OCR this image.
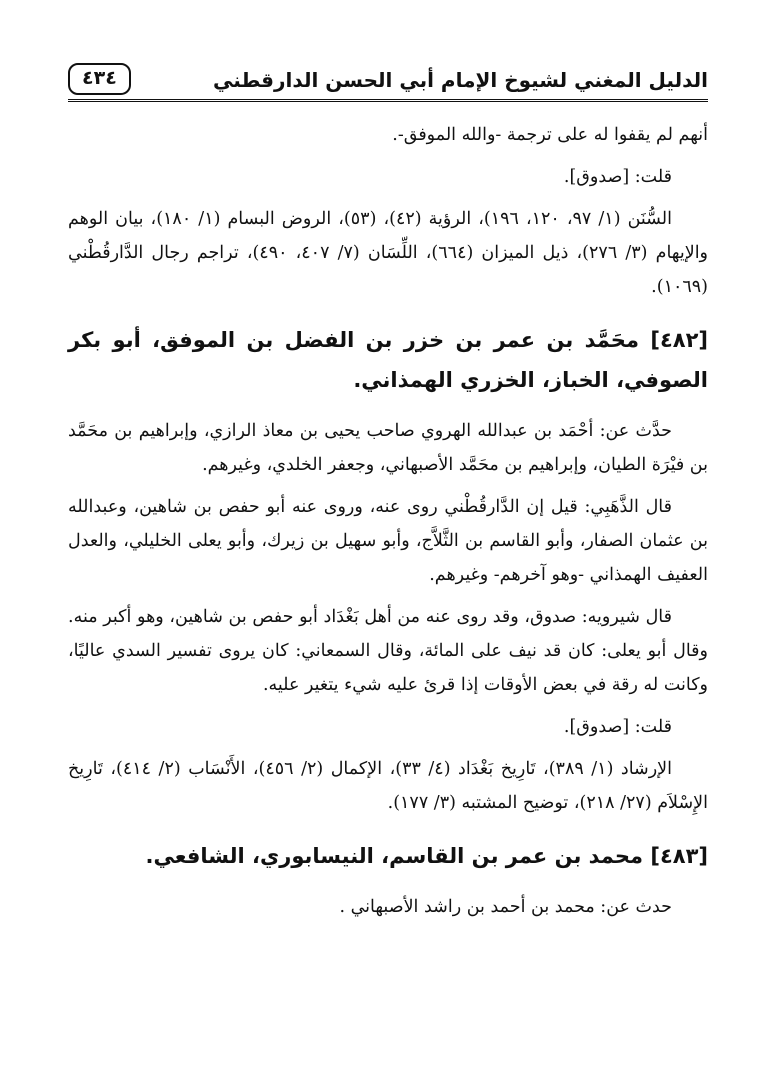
الدليل المغني لشيوخ الإمام أبي الحسن الدارقطني
٤٣٤

أنهم لم يقفوا له على ترجمة -والله الموفق-.

قلت: [صدوق].

السُّنَن (١/ ٩٧، ١٢٠، ١٩٦)، الرؤية (٤٢)، (٥٣)، الروض البسام (١/ ١٨٠)، بيان الوهم والإيهام (٣/ ٢٧٦)، ذيل الميزان (٦٦٤)، اللِّسَان (٧/ ٤٠٧، ٤٩٠)، تراجم رجال الدَّارقُطْني (١٠٦٩).

[٤٨٢] محَمَّد بن عمر بن خزر بن الفضل بن الموفق، أبو بكر الصوفي، الخباز، الخزري الهمذاني.

حدَّث عن: أحْمَد بن عبدالله الهروي صاحب يحيى بن معاذ الرازي، وإبراهيم بن محَمَّد بن فيْرَة الطيان، وإبراهيم بن محَمَّد الأصبهاني، وجعفر الخلدي، وغيرهم.

قال الذَّهَبِي: قيل إن الدَّارقُطْني روى عنه، وروى عنه أبو حفص بن شاهين، وعبدالله بن عثمان الصفار، وأبو القاسم بن الثَّلاَّج، وأبو سهيل بن زيرك، وأبو يعلى الخليلي، والعدل العفيف الهمذاني -وهو آخرهم- وغيرهم.

قال شيرويه: صدوق، وقد روى عنه من أهل بَغْدَاد أبو حفص بن شاهين، وهو أكبر منه. وقال أبو يعلى: كان قد نيف على المائة، وقال السمعاني: كان يروى تفسير السدي عاليًا، وكانت له رقة في بعض الأوقات إذا قرئ عليه شيء يتغير عليه.

قلت: [صدوق].

الإرشاد (١/ ٣٨٩)، تَارِيخ بَغْدَاد (٤/ ٣٣)، الإكمال (٢/ ٤٥٦)، الأَنْسَاب (٢/ ٤١٤)، تَارِيخ الإِسْلاَم (٢٧/ ٢١٨)، توضيح المشتبه (٣/ ١٧٧).

[٤٨٣] محمد بن عمر بن القاسم، النيسابوري، الشافعي.

حدث عن: محمد بن أحمد بن راشد الأصبهاني .
